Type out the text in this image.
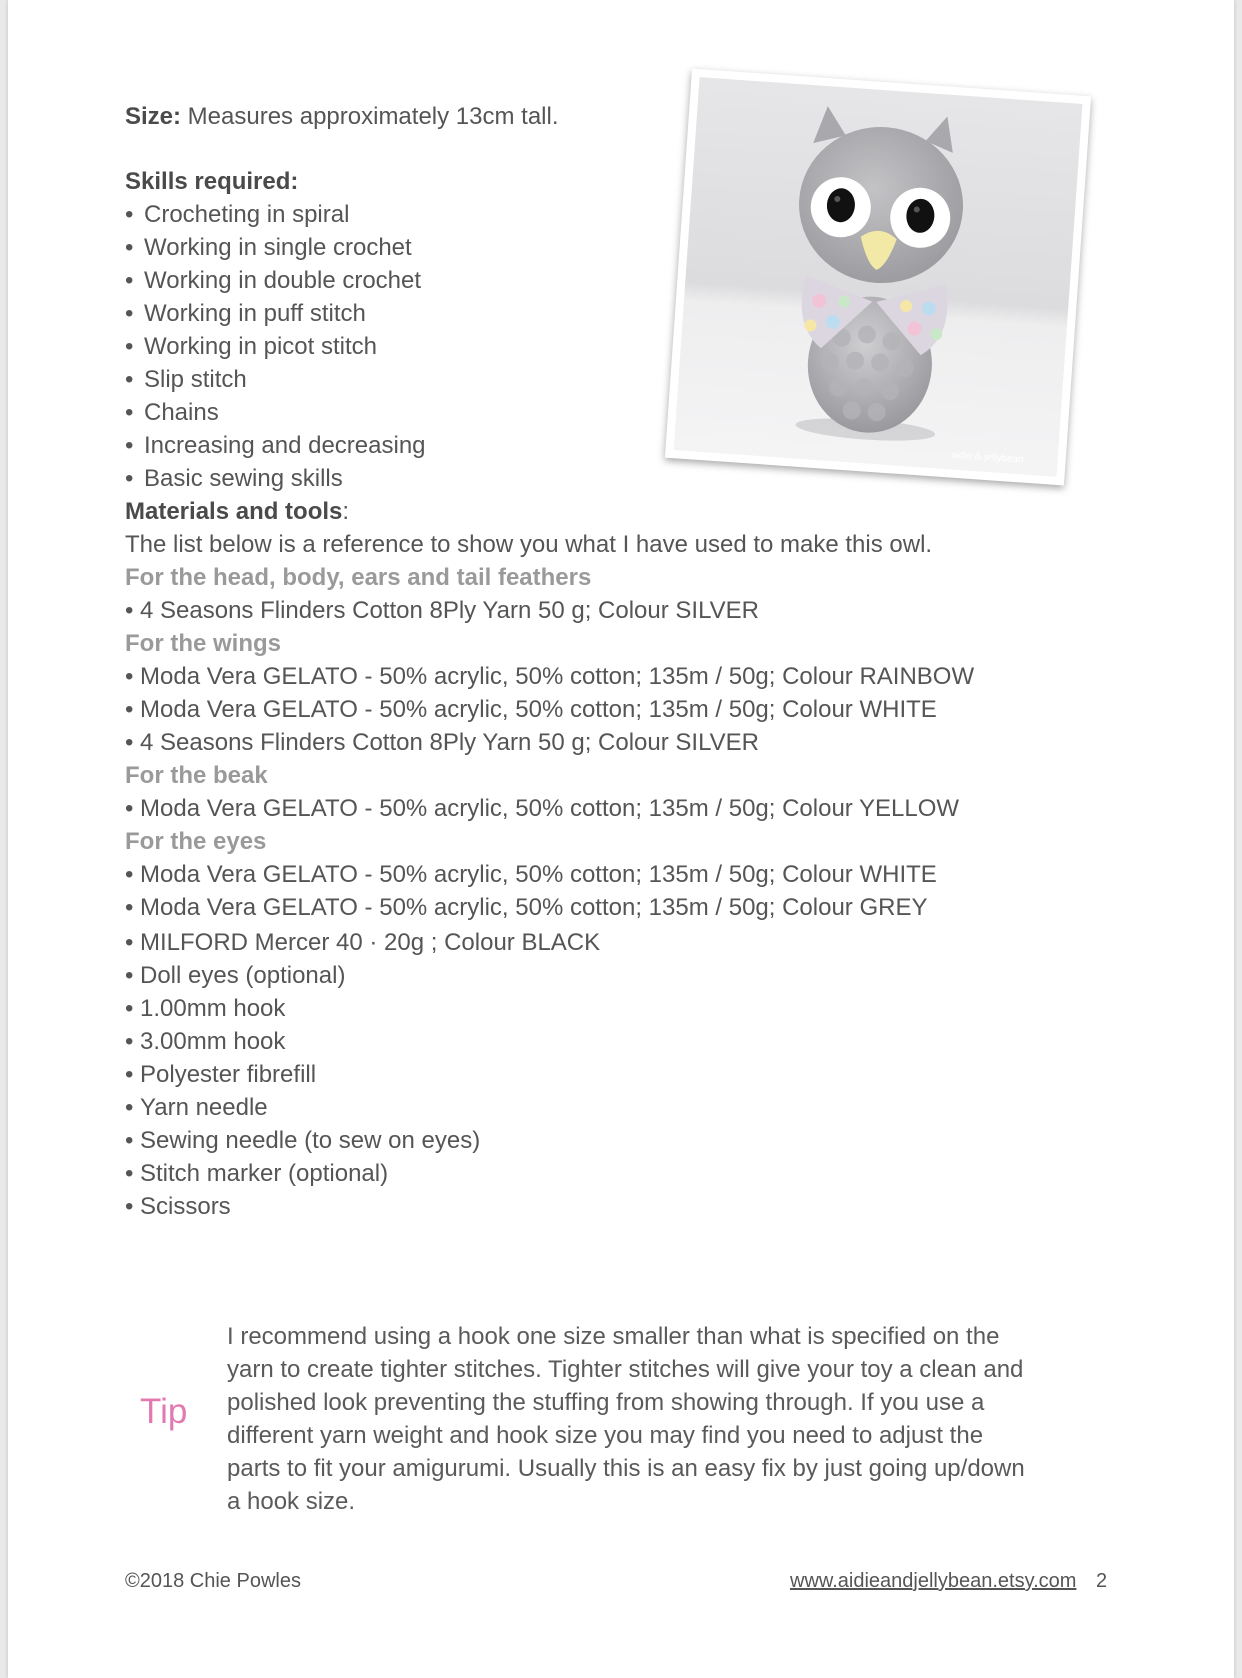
Size: Measures approximately 13cm tall.
Skills required:
• Crocheting in spiral
• Working in single crochet
• Working in double crochet
• Working in puff stitch
• Working in picot stitch
• Slip stitch
• Chains
• Increasing and decreasing
• Basic sewing skills
aidie & jellybean
Materials and tools:
The list below is a reference to show you what I have used to make this owl.
For the head, body, ears and tail feathers
• 4 Seasons Flinders Cotton 8Ply Yarn 50 g; Colour SILVER
For the wings
• Moda Vera GELATO - 50% acrylic, 50% cotton; 135m / 50g; Colour RAINBOW
• Moda Vera GELATO - 50% acrylic, 50% cotton; 135m / 50g; Colour WHITE
• 4 Seasons Flinders Cotton 8Ply Yarn 50 g; Colour SILVER
For the beak
• Moda Vera GELATO - 50% acrylic, 50% cotton; 135m / 50g; Colour YELLOW
For the eyes
• Moda Vera GELATO - 50% acrylic, 50% cotton; 135m / 50g; Colour WHITE
• Moda Vera GELATO - 50% acrylic, 50% cotton; 135m / 50g; Colour GREY
• MILFORD Mercer 40 · 20g ; Colour BLACK
• Doll eyes (optional)
• 1.00mm hook
• 3.00mm hook
• Polyester fibrefill
• Yarn needle
• Sewing needle (to sew on eyes)
• Stitch marker (optional)
• Scissors
Tip
I recommend using a hook one size smaller than what is specified on the
yarn to create tighter stitches. Tighter stitches will give your toy a clean and
polished look preventing the stuffing from showing through. If you use a
different yarn weight and hook size you may find you need to adjust the
parts to fit your amigurumi. Usually this is an easy fix by just going up/down
a hook size.
©2018 Chie Powles	www.aidieandjellybean.etsy.com 2
